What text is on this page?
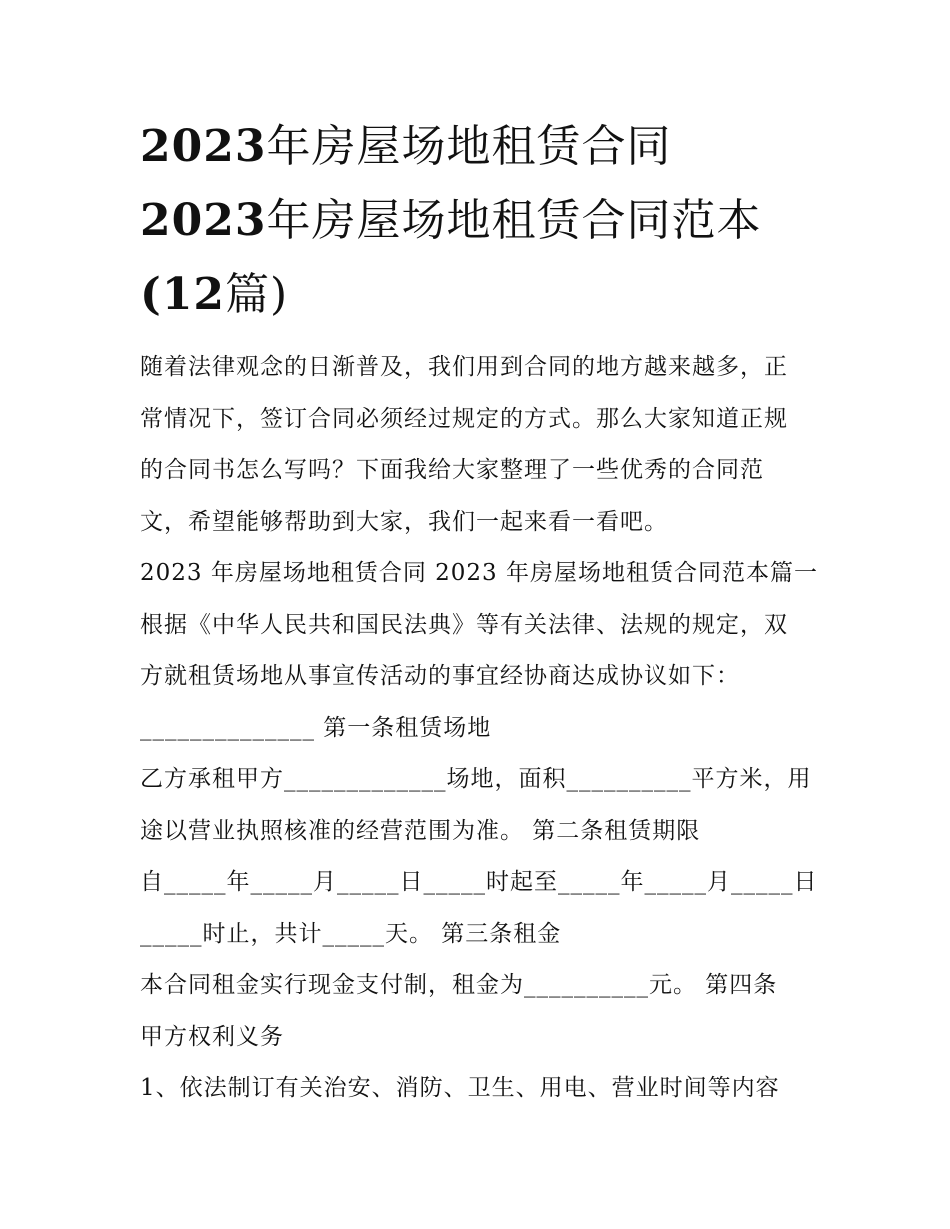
2023年房屋场地租赁合同
2023年房屋场地租赁合同范本
(12篇)
随着法律观念的日渐普及，我们用到合同的地方越来越多，正
常情况下，签订合同必须经过规定的方式。那么大家知道正规
的合同书怎么写吗？下面我给大家整理了一些优秀的合同范
文，希望能够帮助到大家，我们一起来看一看吧。
2023 年房屋场地租赁合同 2023 年房屋场地租赁合同范本篇一
根据《中华人民共和国民法典》等有关法律、法规的规定，双
方就租赁场地从事宣传活动的事宜经协商达成协议如下：
______________ 第一条租赁场地
乙方承租甲方_____________场地，面积__________平方米，用
途以营业执照核准的经营范围为准。 第二条租赁期限
自_____年_____月_____日_____时起至_____年_____月_____日
_____时止，共计_____天。 第三条租金
本合同租金实行现金支付制，租金为__________元。 第四条
甲方权利义务
1、依法制订有关治安、消防、卫生、用电、营业时间等内容
